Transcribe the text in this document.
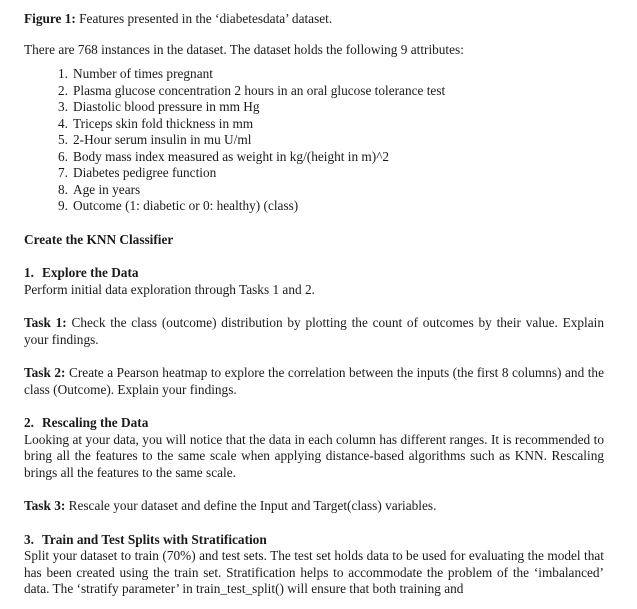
Figure 1: Features presented in the ‘diabetesdata’ dataset.

There are 768 instances in the dataset. The dataset holds the following 9 attributes:

1. Number of times pregnant
2. Plasma glucose concentration 2 hours in an oral glucose tolerance test
3. Diastolic blood pressure in mm Hg
4. Triceps skin fold thickness in mm
5. 2-Hour serum insulin in mu U/ml
6. Body mass index measured as weight in kg/(height in m)^2
7. Diabetes pedigree function
8. Age in years
9. Outcome (1: diabetic or 0: healthy) (class)

Create the KNN Classifier

1. Explore the Data

Perform initial data exploration through Tasks 1 and 2.

Task 1: Check the class (outcome) distribution by plotting the count of outcomes by their value. Explain your findings.

Task 2: Create a Pearson heatmap to explore the correlation between the inputs (the first 8 columns) and the class (Outcome). Explain your findings.

2. Rescaling the Data

Looking at your data, you will notice that the data in each column has different ranges. It is recommended to bring all the features to the same scale when applying distance-based algorithms such as KNN. Rescaling brings all the features to the same scale.

Task 3: Rescale your dataset and define the Input and Target(class) variables.

3. Train and Test Splits with Stratification

Split your dataset to train (70%) and test sets. The test set holds data to be used for evaluating the model that has been created using the train set. Stratification helps to accommodate the problem of the ‘imbalanced’ data. The ‘stratify parameter’ in train_test_split() will ensure that both training and
